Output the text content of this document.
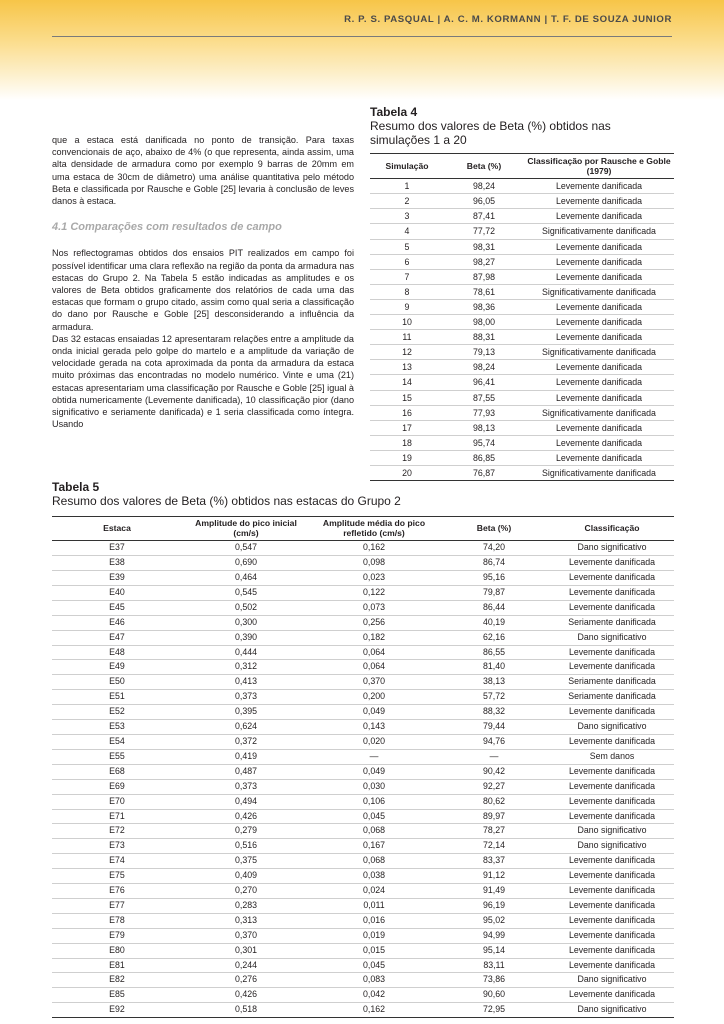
R. P. S. PASQUAL | A. C. M. KORMANN | T. F. DE SOUZA JUNIOR

que a estaca está danificada no ponto de transição. Para taxas convencionais de aço, abaixo de 4% (o que representa, ainda assim, uma alta densidade de armadura como por exemplo 9 barras de 20mm em uma estaca de 30cm de diâmetro) uma análise quantitativa pelo método Beta e classificada por Rausche e Goble [25] levaria à conclusão de leves danos à estaca.

4.1 Comparações com resultados de campo

Nos reflectogramas obtidos dos ensaios PIT realizados em campo foi possível identificar uma clara reflexão na região da ponta da armadura nas estacas do Grupo 2. Na Tabela 5 estão indicadas as amplitudes e os valores de Beta obtidos graficamente dos relatórios de cada uma das estacas que formam o grupo citado, assim como qual seria a classificação do dano por Rausche e Goble [25] desconsiderando a influência da armadura.

Das 32 estacas ensaiadas 12 apresentaram relações entre a amplitude da onda inicial gerada pelo golpe do martelo e a amplitude da variação de velocidade gerada na cota aproximada da ponta da armadura da estaca muito próximas das encontradas no modelo numérico. Vinte e uma (21) estacas apresentariam uma classificação por Rausche e Goble [25] igual à obtida numericamente (Levemente danificada), 10 classificação pior (dano significativo e seriamente danificada) e 1 seria classificada como íntegra. Usando

Tabela 4
Resumo dos valores de Beta (%) obtidos nas simulações 1 a 20
Simulação	Beta (%)	Classificação por Rausche e Goble (1979)
1	98,24	Levemente danificada
2	96,05	Levemente danificada
3	87,41	Levemente danificada
4	77,72	Significativamente danificada
5	98,31	Levemente danificada
6	98,27	Levemente danificada
7	87,98	Levemente danificada
8	78,61	Significativamente danificada
9	98,36	Levemente danificada
10	98,00	Levemente danificada
11	88,31	Levemente danificada
12	79,13	Significativamente danificada
13	98,24	Levemente danificada
14	96,41	Levemente danificada
15	87,55	Levemente danificada
16	77,93	Significativamente danificada
17	98,13	Levemente danificada
18	95,74	Levemente danificada
19	86,85	Levemente danificada
20	76,87	Significativamente danificada
Tabela 5
Resumo dos valores de Beta (%) obtidos nas estacas do Grupo 2
Estaca	Amplitude do pico inicial (cm/s)	Amplitude média do pico refletido (cm/s)	Beta (%)	Classificação
E37	0,547	0,162	74,20	Dano significativo
E38	0,690	0,098	86,74	Levemente danificada
E39	0,464	0,023	95,16	Levemente danificada
E40	0,545	0,122	79,87	Levemente danificada
E45	0,502	0,073	86,44	Levemente danificada
E46	0,300	0,256	40,19	Seriamente danificada
E47	0,390	0,182	62,16	Dano significativo
E48	0,444	0,064	86,55	Levemente danificada
E49	0,312	0,064	81,40	Levemente danificada
E50	0,413	0,370	38,13	Seriamente danificada
E51	0,373	0,200	57,72	Seriamente danificada
E52	0,395	0,049	88,32	Levemente danificada
E53	0,624	0,143	79,44	Dano significativo
E54	0,372	0,020	94,76	Levemente danificada
E55	0,419	—	—	Sem danos
E68	0,487	0,049	90,42	Levemente danificada
E69	0,373	0,030	92,27	Levemente danificada
E70	0,494	0,106	80,62	Levemente danificada
E71	0,426	0,045	89,97	Levemente danificada
E72	0,279	0,068	78,27	Dano significativo
E73	0,516	0,167	72,14	Dano significativo
E74	0,375	0,068	83,37	Levemente danificada
E75	0,409	0,038	91,12	Levemente danificada
E76	0,270	0,024	91,49	Levemente danificada
E77	0,283	0,011	96,19	Levemente danificada
E78	0,313	0,016	95,02	Levemente danificada
E79	0,370	0,019	94,99	Levemente danificada
E80	0,301	0,015	95,14	Levemente danificada
E81	0,244	0,045	83,11	Levemente danificada
E82	0,276	0,083	73,86	Dano significativo
E85	0,426	0,042	90,60	Levemente danificada
E92	0,518	0,162	72,95	Dano significativo
